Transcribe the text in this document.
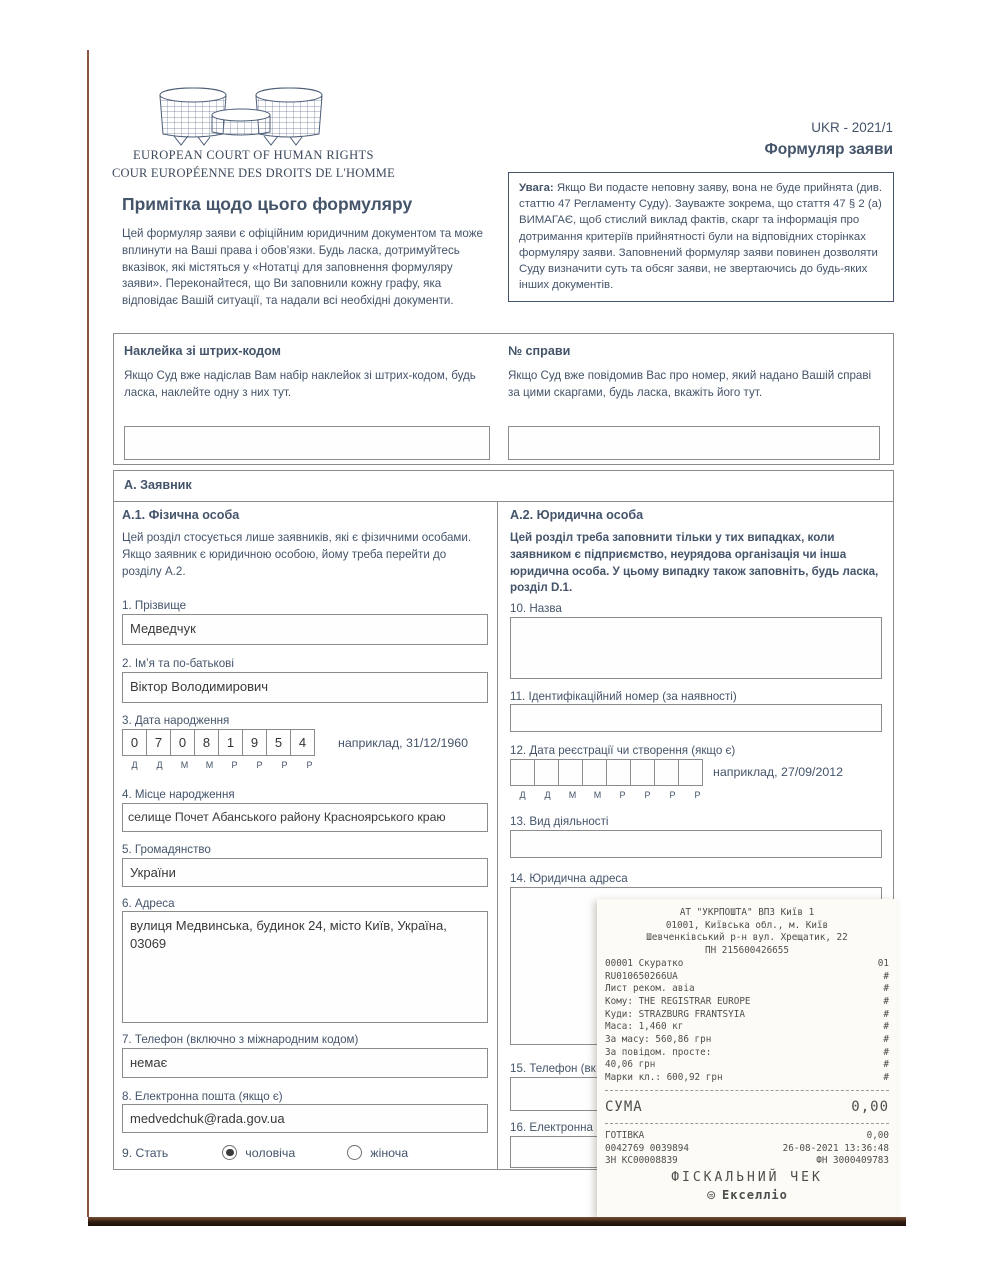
EUROPEAN COURT OF HUMAN RIGHTS
COUR EUROPÉENNE DES DROITS DE L'HOMME
UKR - 2021/1
Формуляр заяви
Увага: Якщо Ви подасте неповну заяву, вона не буде прийнята (див. статтю 47 Регламенту Суду). Зауважте зокрема, що стаття 47 § 2 (a) ВИМАГАЄ, щоб стислий виклад фактів, скарг та інформація про дотримання критеріїв прийнятності були на відповідних сторінках формуляру заяви. Заповнений формуляр заяви повинен дозволяти Суду визначити суть та обсяг заяви, не звертаючись до будь-яких інших документів.
Примітка щодо цього формуляру
Цей формуляр заяви є офіційним юридичним документом та може вплинути на Ваші права і обов’язки. Будь ласка, дотримуйтесь вказівок, які містяться у «Нотатці для заповнення формуляру заяви». Переконайтеся, що Ви заповнили кожну графу, яка відповідає Вашій ситуації, та надали всі необхідні документи.
Наклейка зі штрих-кодом
Якщо Суд вже надіслав Вам набір наклейок зі штрих-кодом, будь ласка, наклейте одну з них тут.
№ справи
Якщо Суд вже повідомив Вас про номер, який надано Вашій справі за цими скаргами, будь ласка, вкажіть його тут.
А. Заявник
А.1. Фізична особа
Цей розділ стосується лише заявників, які є фізичними особами. Якщо заявник є юридичною особою, йому треба перейти до розділу А.2.
1. Прізвище
Медведчук
2. Ім’я та по-батькові
Віктор Володимирович
3. Дата народження
0	7	0	8	1	9	5	4	наприклад, 31/12/1960
Д	Д	М	М	Р	Р	Р	Р
4. Місце народження
селище Почет Абанського району Красноярського краю
5. Громадянство
України
6. Адреса
вулиця Медвинська, будинок 24, місто Київ, Україна, 03069
7. Телефон (включно з міжнародним кодом)
немає
8. Електронна пошта (якщо є)
medvedchuk@rada.gov.ua
9. Стать	чоловіча	жіноча
А.2. Юридична особа
Цей розділ треба заповнити тільки у тих випадках, коли заявником є підприємство, неурядова організація чи інша юридична особа. У цьому випадку також заповніть, будь ласка, розділ D.1.
10. Назва
11. Ідентифікаційний номер (за наявності)
12. Дата реєстрації чи створення (якщо є)
наприклад, 27/09/2012
Д	Д	М	М	Р	Р	Р	Р
13. Вид діяльності
14. Юридична адреса
15. Телефон (вк
16. Електронна
АТ "УКРПОШТА" ВПЗ Київ 1
01001, Київська обл., м. Київ
Шевченківський р-н вул. Хрещатик, 22
ПН 215600426655
00001 Скуратко	01
RU010650266UA	#
Лист реком. авіа	#
Кому: THE REGISTRAR EUROPE	#
Куди: STRAZBURG FRANTSYIA	#
Маса: 1,460 кг	#
За масу: 560,86 грн	#
За повідом. просте:	#
40,06 грн	#
Марки кл.: 600,92 грн	#
СУМА	0,00
ГОТІВКА	0,00
0042769 0039894	26-08-2021 13:36:48
ЗН КС00008839	ФН 3000409783
ФІСКАЛЬНИЙ ЧЕК
⊜ Екселліо
